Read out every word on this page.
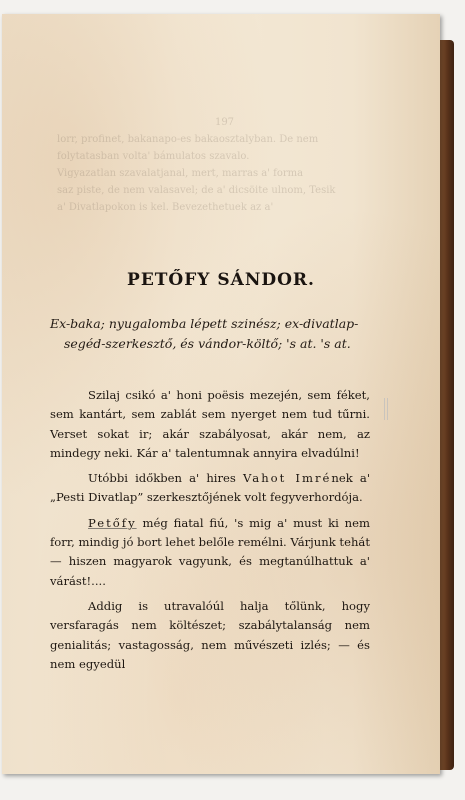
197
lorr, profinet, bakanapo-es bakaosztalyban. De nem
folytatasban volta' bámulatos szavalo.
Vigyazatlan szavalatjanal, mert, marras a' forma
saz piste, de nem valasavel; de a' dicsöite ulnom, Tesik
a' Divatlapokon is kel. Bevezethetuek az a'
PETŐFY SÁNDOR.
Ex-baka; nyugalomba lépett szinész; ex-divatlap-
segéd-szerkesztő, és vándor-költő; 's at. 's at.

Szilaj csikó a' honi poësis mezején, sem féket, sem kantárt, sem zablát sem nyerget nem tud tűrni. Verset sokat ir; akár szabályosat, akár nem, az mindegy neki. Kár a' talentumnak annyira elvadúlni!

Utóbbi időkben a' hires Vahot Imrének a' „Pesti Divatlap” szerkesztőjének volt fegyverhordója.

Petőfy még fiatal fiú, 's mig a' must ki nem forr, mindig jó bort lehet belőle remélni. Várjunk tehát — hiszen magyarok vagyunk, és megtanúlhattuk a' várást!....

Addig is utravalóúl halja tőlünk, hogy versfaragás nem költészet; szabálytalanság nem genialitás; vastagosság, nem művészeti izlés; — és nem egyedül
